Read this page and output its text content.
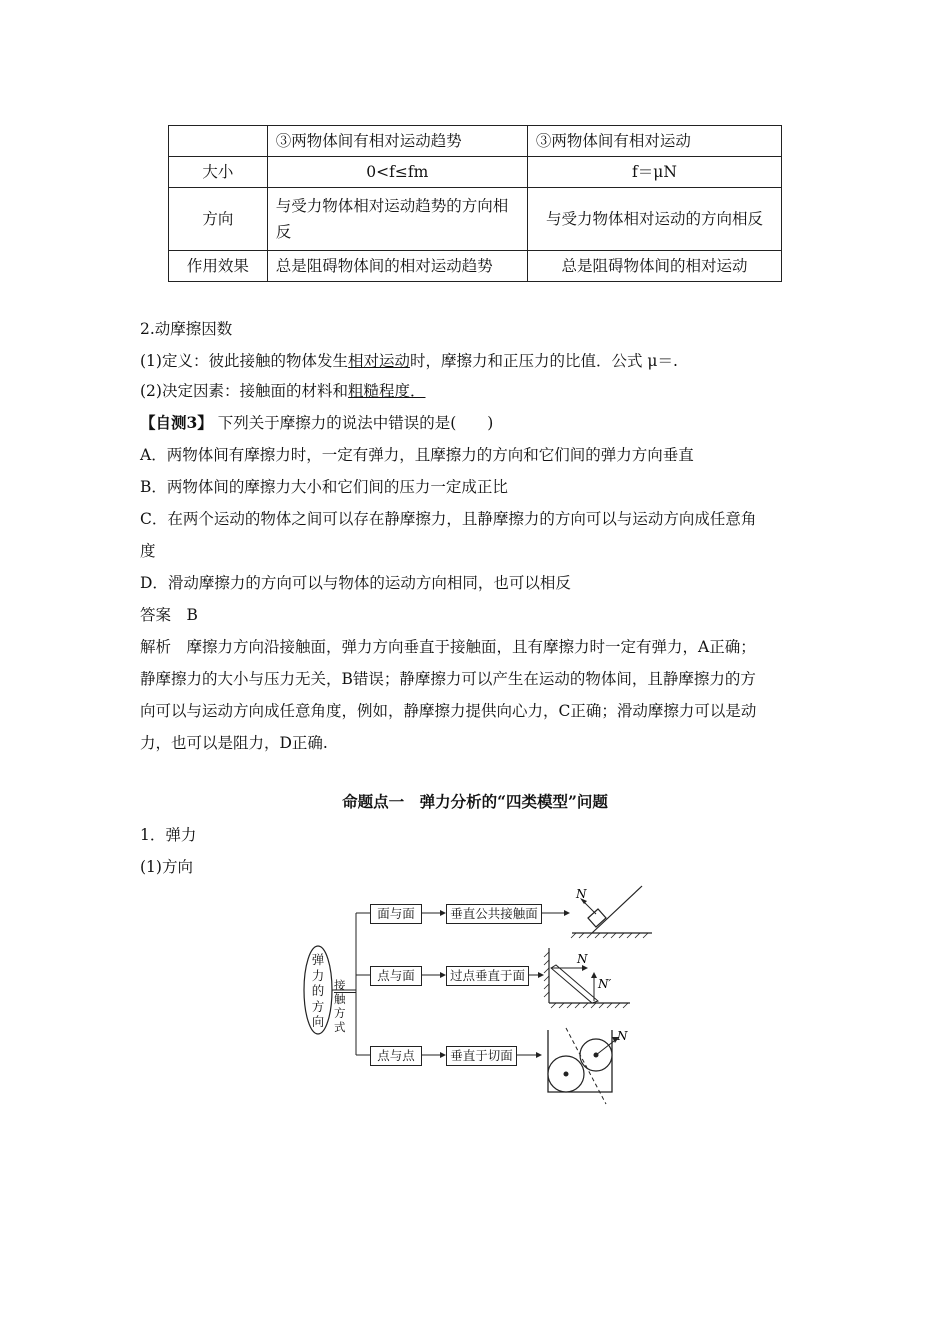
	③两物体间有相对运动趋势	③两物体间有相对运动
大小	0<f≤fm	f＝μN
方向	与受力物体相对运动趋势的方向相反	与受力物体相对运动的方向相反
作用效果	总是阻碍物体间的相对运动趋势	总是阻碍物体间的相对运动
2.动摩擦因数
(1)定义：彼此接触的物体发生相对运动时，摩擦力和正压力的比值．公式 μ＝.
(2)决定因素：接触面的材料和粗糙程度．
【自测3】 下列关于摩擦力的说法中错误的是(　　)
A．两物体间有摩擦力时，一定有弹力，且摩擦力的方向和它们间的弹力方向垂直
B．两物体间的摩擦力大小和它们间的压力一定成正比
C．在两个运动的物体之间可以存在静摩擦力，且静摩擦力的方向可以与运动方向成任意角
度
D．滑动摩擦力的方向可以与物体的运动方向相同，也可以相反
答案　B
解析　摩擦力方向沿接触面，弹力方向垂直于接触面，且有摩擦力时一定有弹力，A正确；
静摩擦力的大小与压力无关，B错误；静摩擦力可以产生在运动的物体间，且静摩擦力的方
向可以与运动方向成任意角度，例如，静摩擦力提供向心力，C正确；滑动摩擦力可以是动
力，也可以是阻力，D正确.
命题点一　弹力分析的“四类模型”问题
1．弹力
(1)方向
N
N
N′
N
弹力的方向
接触方式
面与面	垂直公共接触面
点与面	过点垂直于面
点与点	垂直于切面
